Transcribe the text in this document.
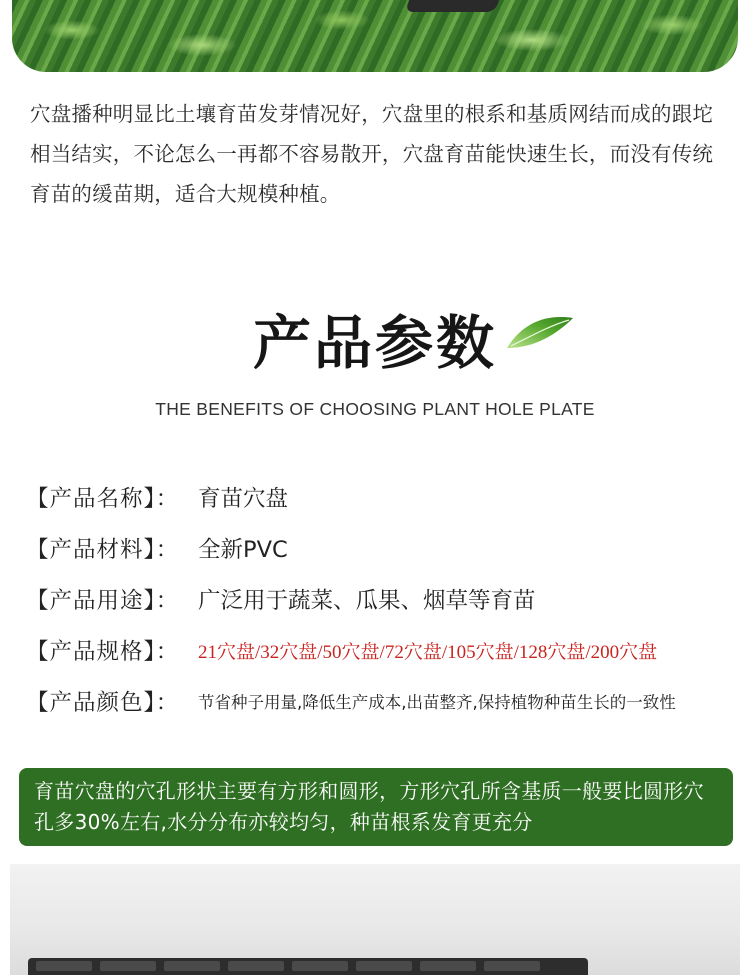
穴盘播种明显比土壤育苗发芽情况好，穴盘里的根系和基质网结而成的跟坨相当结实，不论怎么一再都不容易散开，穴盘育苗能快速生长，而没有传统育苗的缓苗期，适合大规模种植。

产品参数
THE BENEFITS OF CHOOSING PLANT HOLE PLATE
【产品名称】： 育苗穴盘
【产品材料】： 全新PVC
【产品用途】： 广泛用于蔬菜、瓜果、烟草等育苗
【产品规格】： 21穴盘/32穴盘/50穴盘/72穴盘/105穴盘/128穴盘/200穴盘
【产品颜色】：	节省种子用量,降低生产成本,出苗整齐,保持植物种苗生长的一致性

育苗穴盘的穴孔形状主要有方形和圆形，方形穴孔所含基质一般要比圆形穴孔多30%左右,水分分布亦较均匀，种苗根系发育更充分
